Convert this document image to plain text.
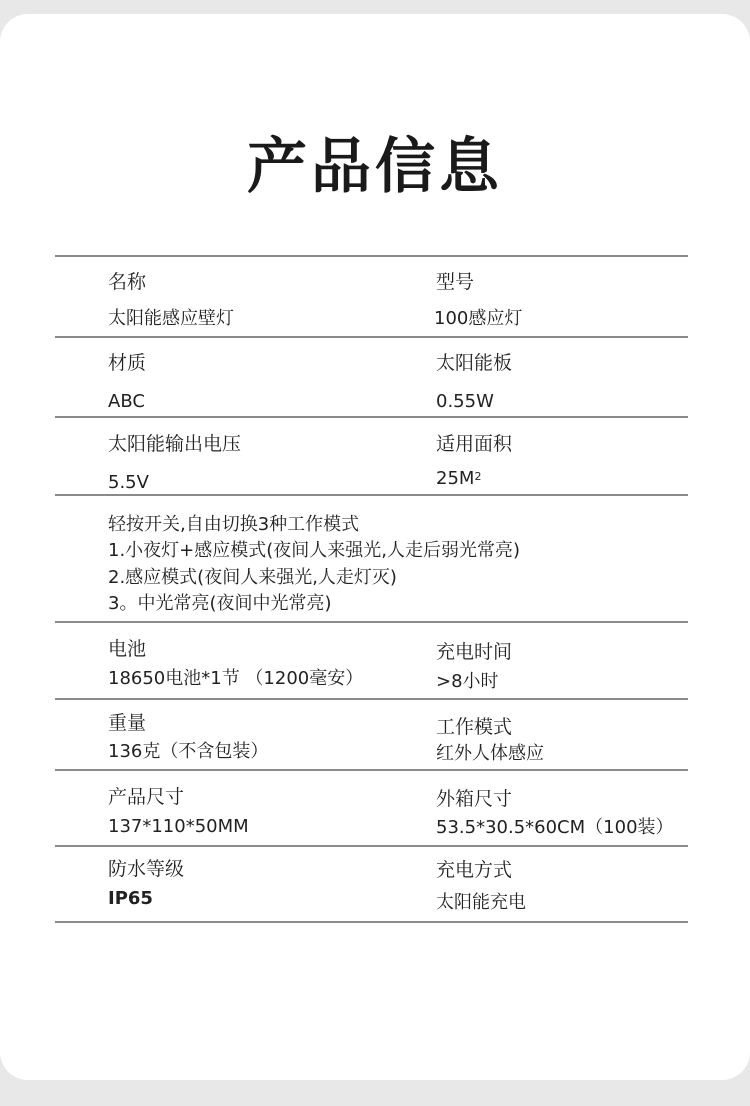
产品信息
名称
太阳能感应壁灯
型号
100感应灯
材质
ABC
太阳能板
0.55W
太阳能输出电压
5.5V
适用面积
$25M^2$
轻按开关,自由切换3种工作模式
1.小夜灯+感应模式(夜间人来强光,人走后弱光常亮)
2.感应模式(夜间人来强光,人走灯灭)
3。中光常亮(夜间中光常亮)
电池
18650电池*1节 （1200毫安）
充电时间
>8小时
重量
136克（不含包装）
工作模式
红外人体感应
产品尺寸
137*110*50MM
外箱尺寸
53.5*30.5*60CM（100装）
防水等级
IP65
充电方式
太阳能充电
